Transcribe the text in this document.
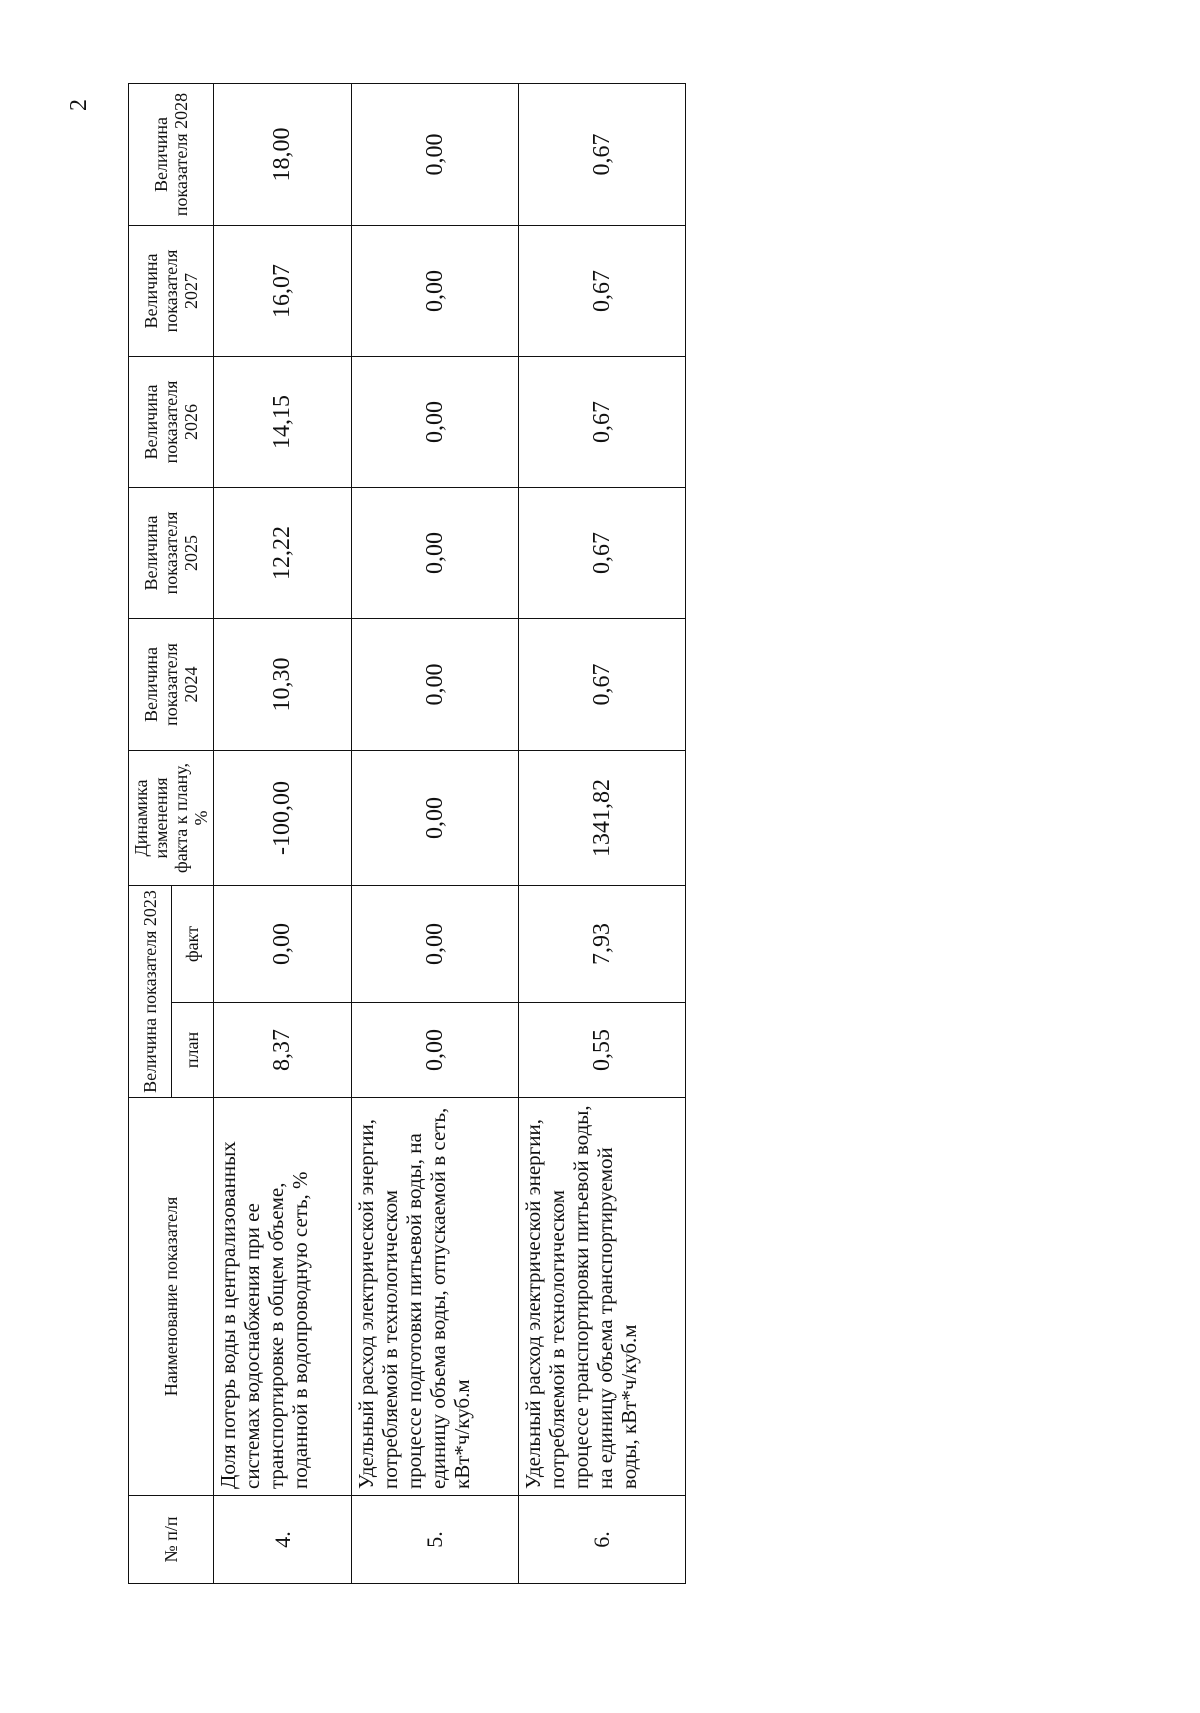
2
№ п/п	Наименование показателя	Величина показателя 2023		Динамика изменения факта к плану, %	Величина показателя 2024	Величина показателя 2025	Величина показателя 2026	Величина показателя 2027	Величина показателя 2028
		план	факт						
4.	Доля потерь воды в централизованных системах водоснабжения при ее транспортировке в общем объеме, поданной в водопроводную сеть, %	8,37	0,00	-100,00	10,30	12,22	14,15	16,07	18,00
5.	Удельный расход электрической энергии, потребляемой в технологическом процессе подготовки питьевой воды, на единицу объема воды, отпускаемой в сеть, кВт*ч/куб.м	0,00	0,00	0,00	0,00	0,00	0,00	0,00	0,00
6.	Удельный расход электрической энергии, потребляемой в технологическом процессе транспортировки питьевой воды, на единицу объема транспортируемой воды, кВт*ч/куб.м	0,55	7,93	1341,82	0,67	0,67	0,67	0,67	0,67
